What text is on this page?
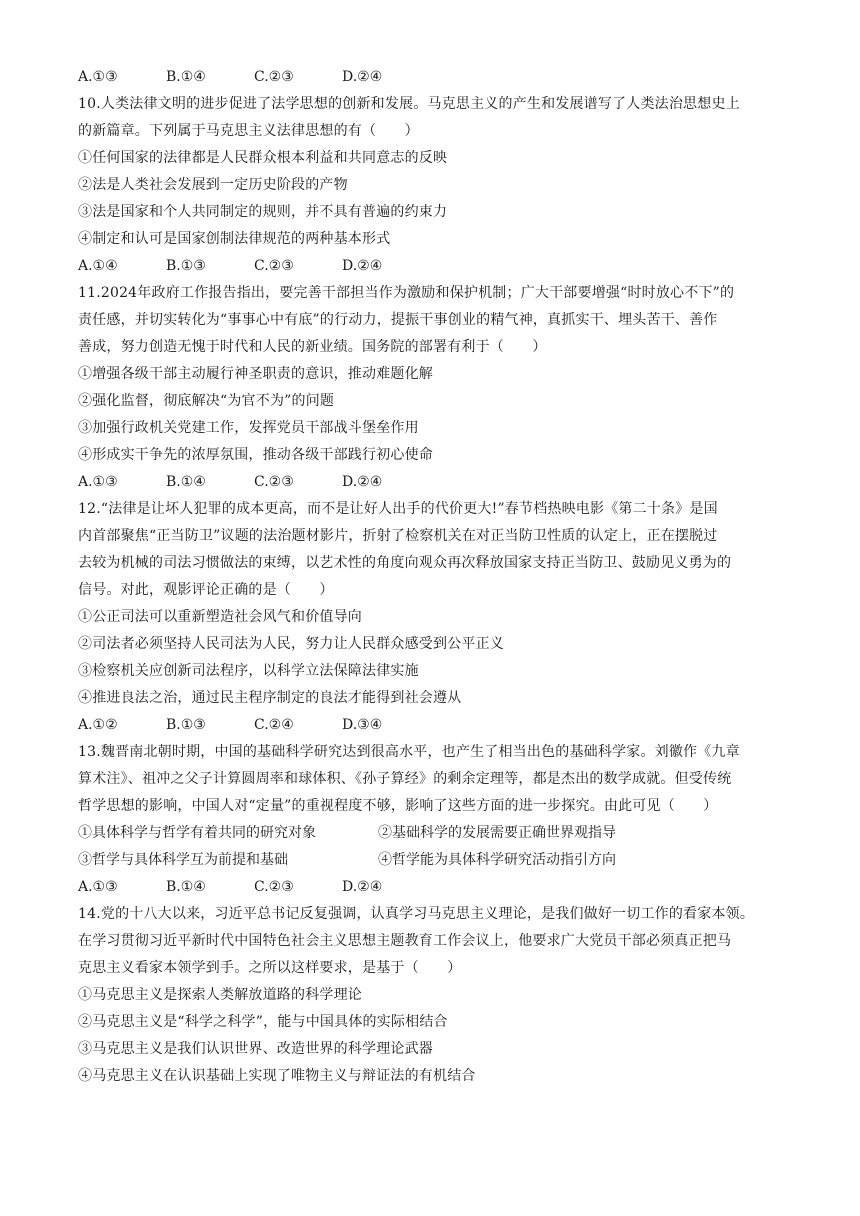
A.①③	B.①④	C.②③	D.②④
10.人类法律文明的进步促进了法学思想的创新和发展。马克思主义的产生和发展谱写了人类法治思想史上
的新篇章。下列属于马克思主义法律思想的有（　　）
①任何国家的法律都是人民群众根本利益和共同意志的反映
②法是人类社会发展到一定历史阶段的产物
③法是国家和个人共同制定的规则，并不具有普遍的约束力
④制定和认可是国家创制法律规范的两种基本形式
A.①④	B.①③	C.②③	D.②④
11.2024年政府工作报告指出，要完善干部担当作为激励和保护机制；广大干部要增强“时时放心不下”的
责任感，并切实转化为“事事心中有底”的行动力，提振干事创业的精气神，真抓实干、埋头苦干、善作
善成，努力创造无愧于时代和人民的新业绩。国务院的部署有利于（　　）
①增强各级干部主动履行神圣职责的意识，推动难题化解
②强化监督，彻底解决“为官不为”的问题
③加强行政机关党建工作，发挥党员干部战斗堡垒作用
④形成实干争先的浓厚氛围，推动各级干部践行初心使命
A.①③	B.①④	C.②③	D.②④
12.“法律是让坏人犯罪的成本更高，而不是让好人出手的代价更大!”春节档热映电影《第二十条》是国
内首部聚焦“正当防卫”议题的法治题材影片，折射了检察机关在对正当防卫性质的认定上，正在摆脱过
去较为机械的司法习惯做法的束缚，以艺术性的角度向观众再次释放国家支持正当防卫、鼓励见义勇为的
信号。对此，观影评论正确的是（　　）
①公正司法可以重新塑造社会风气和价值导向
②司法者必须坚持人民司法为人民，努力让人民群众感受到公平正义
③检察机关应创新司法程序，以科学立法保障法律实施
④推进良法之治，通过民主程序制定的良法才能得到社会遵从
A.①②	B.①③	C.②④	D.③④
13.魏晋南北朝时期，中国的基础科学研究达到很高水平，也产生了相当出色的基础科学家。刘徽作《九章
算术注》、祖冲之父子计算圆周率和球体积、《孙子算经》的剩余定理等，都是杰出的数学成就。但受传统
哲学思想的影响，中国人对“定量”的重视程度不够，影响了这些方面的进一步探究。由此可见（　　）
①具体科学与哲学有着共同的研究对象	②基础科学的发展需要正确世界观指导
③哲学与具体科学互为前提和基础	④哲学能为具体科学研究活动指引方向
A.①③	B.①④	C.②③	D.②④
14.党的十八大以来，习近平总书记反复强调，认真学习马克思主义理论，是我们做好一切工作的看家本领。
在学习贯彻习近平新时代中国特色社会主义思想主题教育工作会议上，他要求广大党员干部必须真正把马
克思主义看家本领学到手。之所以这样要求，是基于（　　）
①马克思主义是探索人类解放道路的科学理论
②马克思主义是“科学之科学”，能与中国具体的实际相结合
③马克思主义是我们认识世界、改造世界的科学理论武器
④马克思主义在认识基础上实现了唯物主义与辩证法的有机结合
